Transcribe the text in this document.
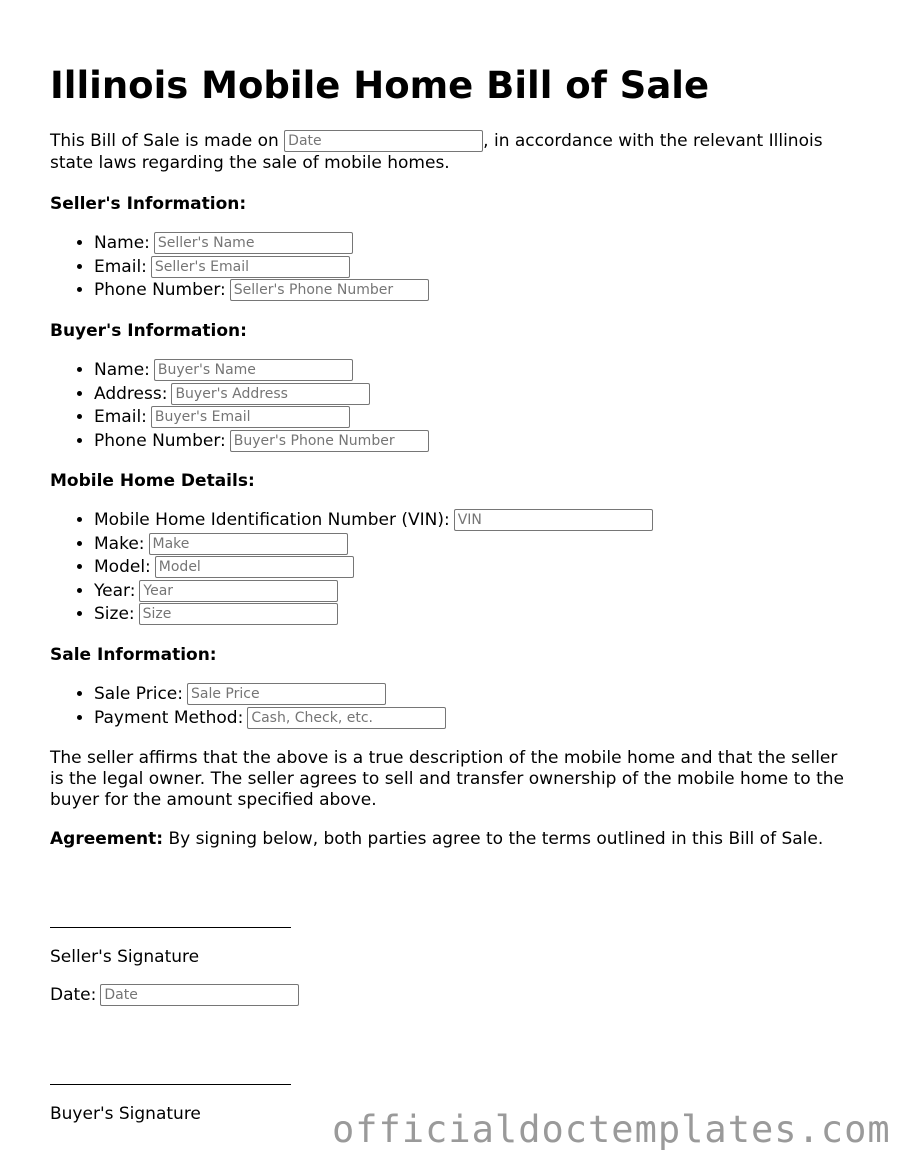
Illinois Mobile Home Bill of Sale

This Bill of Sale is made on Date	, in accordance with the relevant Illinois state laws regarding the sale of mobile homes.

Seller's Information:

• Name:Seller's Name
• Email:Seller's Email
• Phone Number:Seller's Phone Number

Buyer's Information:

• Name:Buyer's Name
• Address:Buyer's Address
• Email:Buyer's Email
• Phone Number:Buyer's Phone Number

Mobile Home Details:

• Mobile Home Identification Number (VIN):VIN
• Make:Make
• Model:Model
• Year:Year
• Size:Size

Sale Information:

• Sale Price:Sale Price
• Payment Method:Cash, Check, etc.

The seller affirms that the above is a true description of the mobile home and that the seller is the legal owner. The seller agrees to sell and transfer ownership of the mobile home to the buyer for the amount specified above.

Agreement: By signing below, both parties agree to the terms outlined in this Bill of Sale.

Seller's Signature

Date:Date

Buyer's Signature	officialdoctemplates.com
